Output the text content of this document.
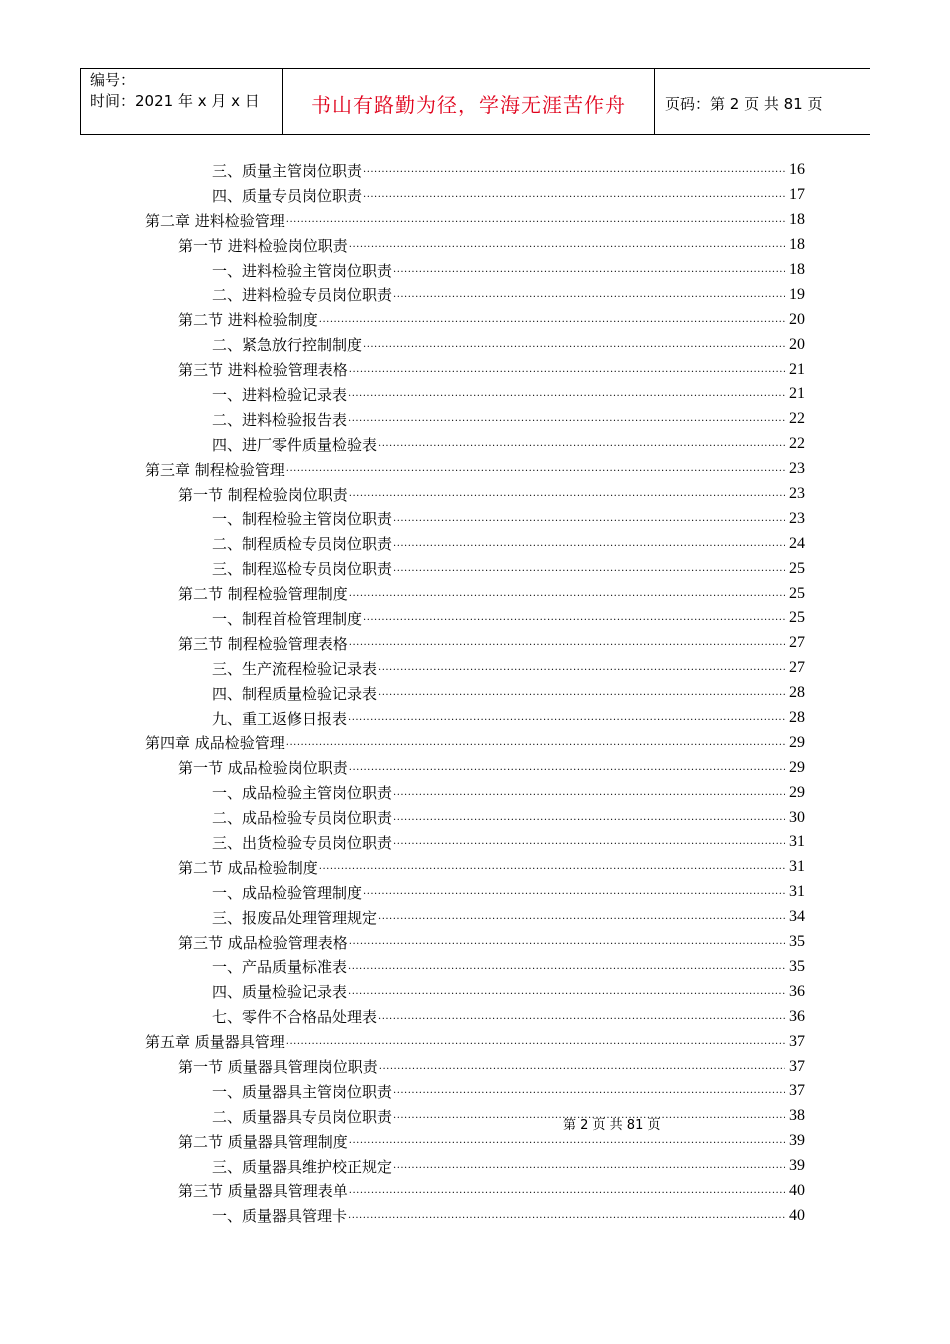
编号：
时间：2021 年 x 月 x 日	书山有路勤为径，学海无涯苦作舟	页码：第 2 页 共 81 页
三、质量主管岗位职责 .....	16
四、质量专员岗位职责 .....	17
第二章 进料检验管理 .....	18
第一节 进料检验岗位职责 .....	18
一、进料检验主管岗位职责 .....	18
二、进料检验专员岗位职责 .....	19
第二节 进料检验制度 .....	20
二、紧急放行控制制度 .....	20
第三节 进料检验管理表格 .....	21
一、进料检验记录表 .....	21
二、进料检验报告表 .....	22
四、进厂零件质量检验表 .....	22
第三章 制程检验管理 .....	23
第一节 制程检验岗位职责 .....	23
一、制程检验主管岗位职责 .....	23
二、制程质检专员岗位职责 .....	24
三、制程巡检专员岗位职责 .....	25
第二节 制程检验管理制度 .....	25
一、制程首检管理制度 .....	25
第三节 制程检验管理表格 .....	27
三、生产流程检验记录表 .....	27
四、制程质量检验记录表 .....	28
九、重工返修日报表 .....	28
第四章 成品检验管理 .....	29
第一节 成品检验岗位职责 .....	29
一、成品检验主管岗位职责 .....	29
二、成品检验专员岗位职责 .....	30
三、出货检验专员岗位职责 .....	31
第二节 成品检验制度 .....	31
一、成品检验管理制度 .....	31
三、报废品处理管理规定 .....	34
第三节 成品检验管理表格 .....	35
一、产品质量标准表 .....	35
四、质量检验记录表 .....	36
七、零件不合格品处理表 .....	36
第五章 质量器具管理 .....	37
第一节 质量器具管理岗位职责 .....	37
一、质量器具主管岗位职责 .....	37
二、质量器具专员岗位职责 .....	38
第二节 质量器具管理制度 .....	39
三、质量器具维护校正规定 .....	39
第三节 质量器具管理表单 .....	40
一、质量器具管理卡 .....	40
第 2 页 共 81 页
